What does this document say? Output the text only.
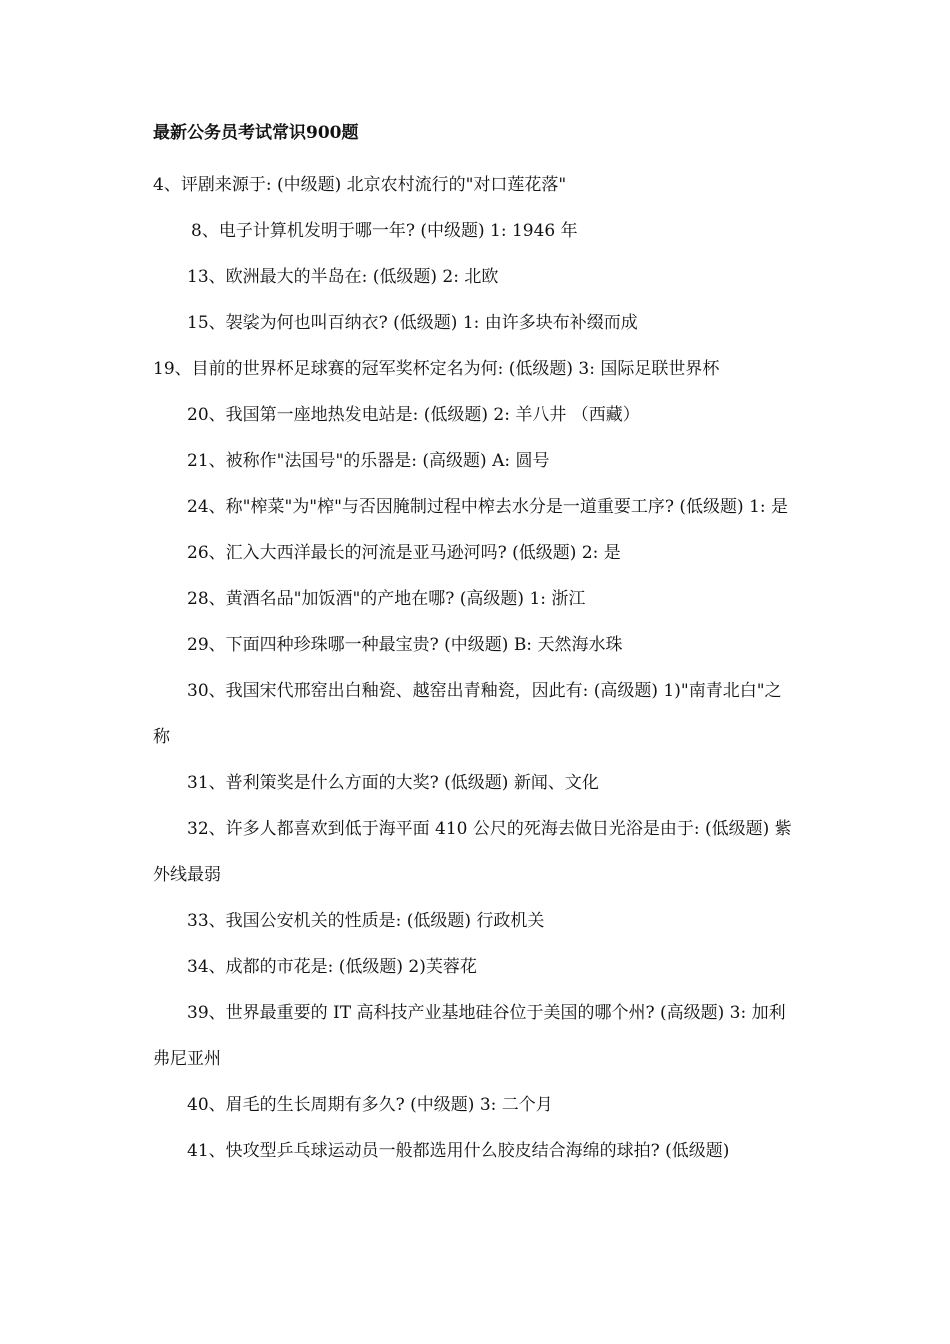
最新公务员考试常识900题

4、评剧来源于: (中级题) 北京农村流行的"对口莲花落"

8、电子计算机发明于哪一年? (中级题) 1: 1946 年

13、欧洲最大的半岛在: (低级题) 2: 北欧

15、袈裟为何也叫百纳衣? (低级题) 1: 由许多块布补缀而成

19、目前的世界杯足球赛的冠军奖杯定名为何: (低级题) 3: 国际足联世界杯

20、我国第一座地热发电站是: (低级题) 2: 羊八井 （西藏）

21、被称作"法国号"的乐器是: (高级题) A: 圆号

24、称"榨菜"为"榨"与否因腌制过程中榨去水分是一道重要工序? (低级题) 1: 是

26、汇入大西洋最长的河流是亚马逊河吗? (低级题) 2: 是

28、黄酒名品"加饭酒"的产地在哪? (高级题) 1: 浙江

29、下面四种珍珠哪一种最宝贵? (中级题) B: 天然海水珠

30、我国宋代邢窑出白釉瓷、越窑出青釉瓷，因此有: (高级题) 1)"南青北白"之称

31、普利策奖是什么方面的大奖? (低级题) 新闻、文化

32、许多人都喜欢到低于海平面 410 公尺的死海去做日光浴是由于: (低级题) 紫外线最弱

33、我国公安机关的性质是: (低级题) 行政机关

34、成都的市花是: (低级题) 2)芙蓉花

39、世界最重要的 IT 高科技产业基地硅谷位于美国的哪个州? (高级题) 3: 加利弗尼亚州

40、眉毛的生长周期有多久? (中级题) 3: 二个月

41、快攻型乒乓球运动员一般都选用什么胶皮结合海绵的球拍? (低级题)
